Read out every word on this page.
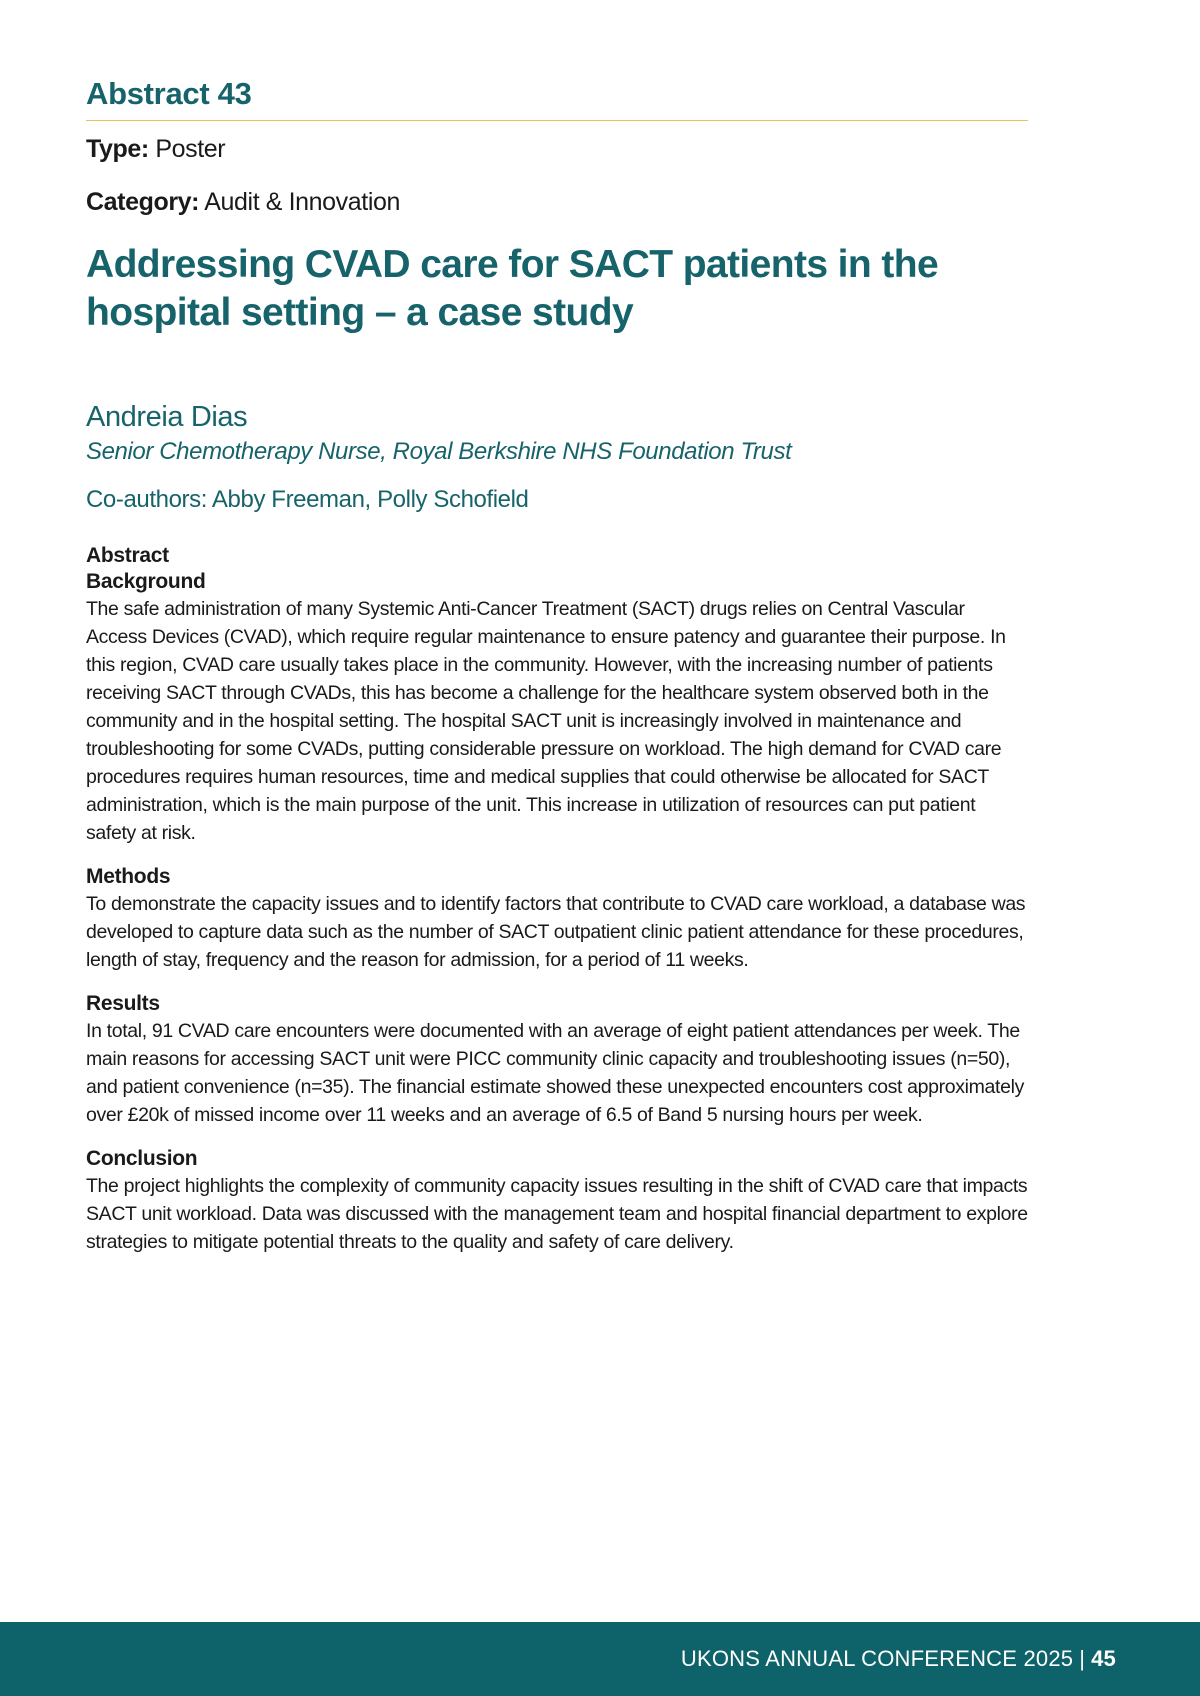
Abstract 43

Type: Poster

Category: Audit & Innovation

Addressing CVAD care for SACT patients in the hospital setting – a case study

Andreia Dias

Senior Chemotherapy Nurse, Royal Berkshire NHS Foundation Trust

Co-authors: Abby Freeman, Polly Schofield

Abstract

Background

The safe administration of many Systemic Anti-Cancer Treatment (SACT) drugs relies on Central Vascular Access Devices (CVAD), which require regular maintenance to ensure patency and guarantee their purpose. In this region, CVAD care usually takes place in the community. However, with the increasing number of patients receiving SACT through CVADs, this has become a challenge for the healthcare system observed both in the community and in the hospital setting. The hospital SACT unit is increasingly involved in maintenance and troubleshooting for some CVADs, putting considerable pressure on workload. The high demand for CVAD care procedures requires human resources, time and medical supplies that could otherwise be allocated for SACT administration, which is the main purpose of the unit. This increase in utilization of resources can put patient safety at risk.

Methods

To demonstrate the capacity issues and to identify factors that contribute to CVAD care workload, a database was developed to capture data such as the number of SACT outpatient clinic patient attendance for these procedures, length of stay, frequency and the reason for admission, for a period of 11 weeks.

Results

In total, 91 CVAD care encounters were documented with an average of eight patient attendances per week. The main reasons for accessing SACT unit were PICC community clinic capacity and troubleshooting issues (n=50), and patient convenience (n=35). The financial estimate showed these unexpected encounters cost approximately over £20k of missed income over 11 weeks and an average of 6.5 of Band 5 nursing hours per week.

Conclusion

The project highlights the complexity of community capacity issues resulting in the shift of CVAD care that impacts SACT unit workload. Data was discussed with the management team and hospital financial department to explore strategies to mitigate potential threats to the quality and safety of care delivery.

UKONS ANNUAL CONFERENCE 2025 | 45
